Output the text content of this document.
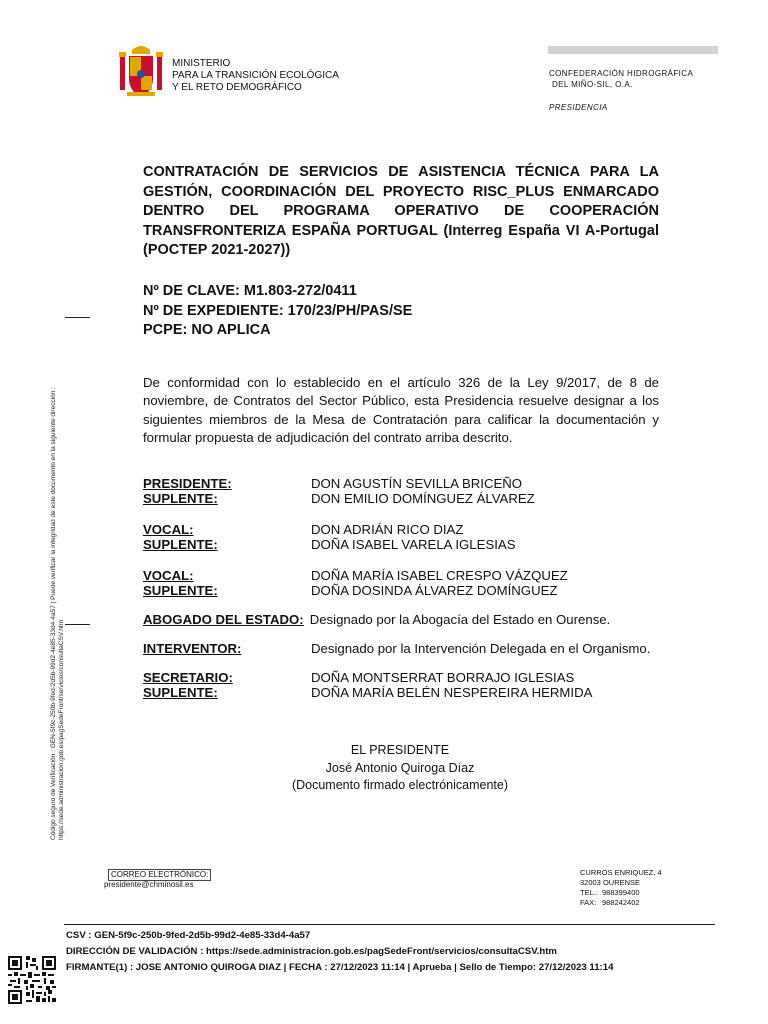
MINISTERIO
PARA LA TRANSICIÓN ECOLÓGICA
Y EL RETO DEMOGRÁFICO
CONFEDERACIÓN HIDROGRÁFICA
DEL MIÑO-SIL, O.A.
PRESIDENCIA
CONTRATACIÓN DE SERVICIOS DE ASISTENCIA TÉCNICA PARA LA GESTIÓN, COORDINACIÓN DEL PROYECTO RISC_PLUS ENMARCADO DENTRO DEL PROGRAMA OPERATIVO DE COOPERACIÓN TRANSFRONTERIZA ESPAÑA PORTUGAL (Interreg España VI A-Portugal (POCTEP 2021-2027))
Nº DE CLAVE: M1.803-272/0411
Nº DE EXPEDIENTE: 170/23/PH/PAS/SE
PCPE: NO APLICA
De conformidad con lo establecido en el artículo 326 de la Ley 9/2017, de 8 de noviembre, de Contratos del Sector Público, esta Presidencia resuelve designar a los siguientes miembros de la Mesa de Contratación para calificar la documentación y formular propuesta de adjudicación del contrato arriba descrito.
PRESIDENTE:	DON AGUSTÍN SEVILLA BRICEÑO
SUPLENTE:	DON EMILIO DOMÍNGUEZ ÁLVAREZ
VOCAL:	DON ADRIÁN RICO DIAZ
SUPLENTE:	DOÑA ISABEL VARELA IGLESIAS
VOCAL:	DOÑA MARÍA ISABEL CRESPO VÁZQUEZ
SUPLENTE:	DOÑA DOSINDA ÁLVAREZ DOMÍNGUEZ
ABOGADO DEL ESTADO: Designado por la Abogacía del Estado en Ourense.
INTERVENTOR:	Designado por la Intervención Delegada en el Organismo.
SECRETARIO:	DOÑA MONTSERRAT BORRAJO IGLESIAS
SUPLENTE:	DOÑA MARÍA BELÉN NESPEREIRA HERMIDA
EL PRESIDENTE
José Antonio Quiroga Díaz
(Documento firmado electrónicamente)
Código seguro de Verificación : GEN-5f9c-250b-9fed-2d5b-99d2-4e85-33d4-4a57 | Puede verificar la integridad de este documento en la siguiente dirección : https://sede.administracion.gob.es/pagSedeFront/servicios/consultaCSV.htm
CORREO ELECTRÓNICO:
presidente@chminosil.es
CURROS ENRIQUEZ, 4
32003 OURENSE
TEL.: 988399400
FAX: 988242402
CSV : GEN-5f9c-250b-9fed-2d5b-99d2-4e85-33d4-4a57
DIRECCIÓN DE VALIDACIÓN : https://sede.administracion.gob.es/pagSedeFront/servicios/consultaCSV.htm
FIRMANTE(1) : JOSE ANTONIO QUIROGA DIAZ | FECHA : 27/12/2023 11:14 | Aprueba | Sello de Tiempo: 27/12/2023 11:14
